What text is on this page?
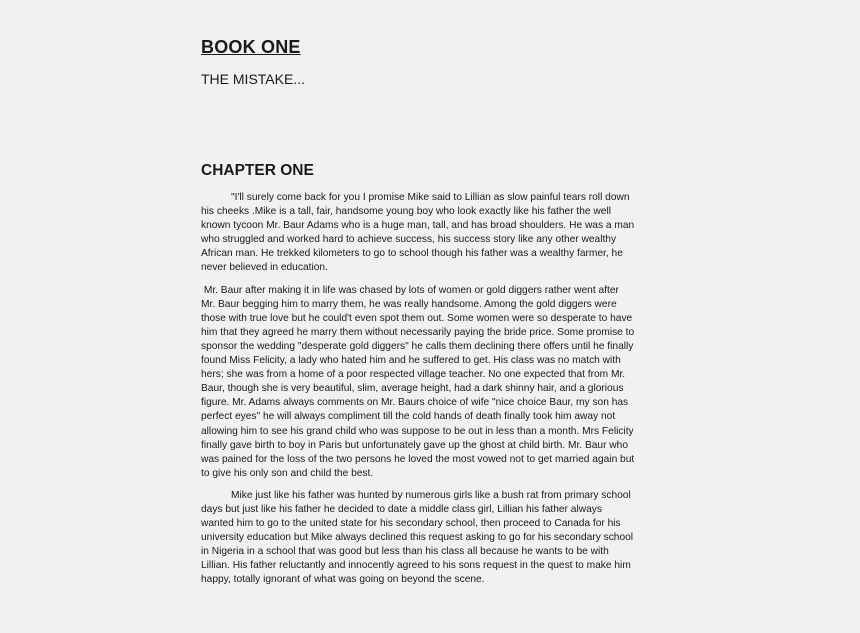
BOOK ONE
THE MISTAKE...
CHAPTER ONE

"I'll surely come back for you I promise Mike said to Lillian as slow painful tears roll down
his cheeks .Mike is a tall, fair, handsome young boy who look exactly like his father the well
known tycoon Mr. Baur Adams who is a huge man, tall, and has broad shoulders. He was a man
who struggled and worked hard to achieve success, his success story like any other wealthy
African man. He trekked kilometers to go to school though his father was a wealthy farmer, he
never believed in education.

Mr. Baur after making it in life was chased by lots of women or gold diggers rather went after
Mr. Baur begging him to marry them, he was really handsome. Among the gold diggers were
those with true love but he could't even spot them out. Some women were so desperate to have
him that they agreed he marry them without necessarily paying the bride price. Some promise to
sponsor the wedding "desperate gold diggers" he calls them declining there offers until he finally
found Miss Felicity, a lady who hated him and he suffered to get. His class was no match with
hers; she was from a home of a poor respected village teacher. No one expected that from Mr.
Baur, though she is very beautiful, slim, average height, had a dark shinny hair, and a glorious
figure. Mr. Adams always comments on Mr. Baurs choice of wife "nice choice Baur, my son has
perfect eyes" he will always compliment till the cold hands of death finally took him away not
allowing him to see his grand child who was suppose to be out in less than a month. Mrs Felicity
finally gave birth to boy in Paris but unfortunately gave up the ghost at child birth. Mr. Baur who
was pained for the loss of the two persons he loved the most vowed not to get married again but
to give his only son and child the best.

Mike just like his father was hunted by numerous girls like a bush rat from primary school
days but just like his father he decided to date a middle class girl, Lillian his father always
wanted him to go to the united state for his secondary school, then proceed to Canada for his
university education but Mike always declined this request asking to go for his secondary school
in Nigeria in a school that was good but less than his class all because he wants to be with
Lillian. His father reluctantly and innocently agreed to his sons request in the quest to make him
happy, totally ignorant of what was going on beyond the scene.
